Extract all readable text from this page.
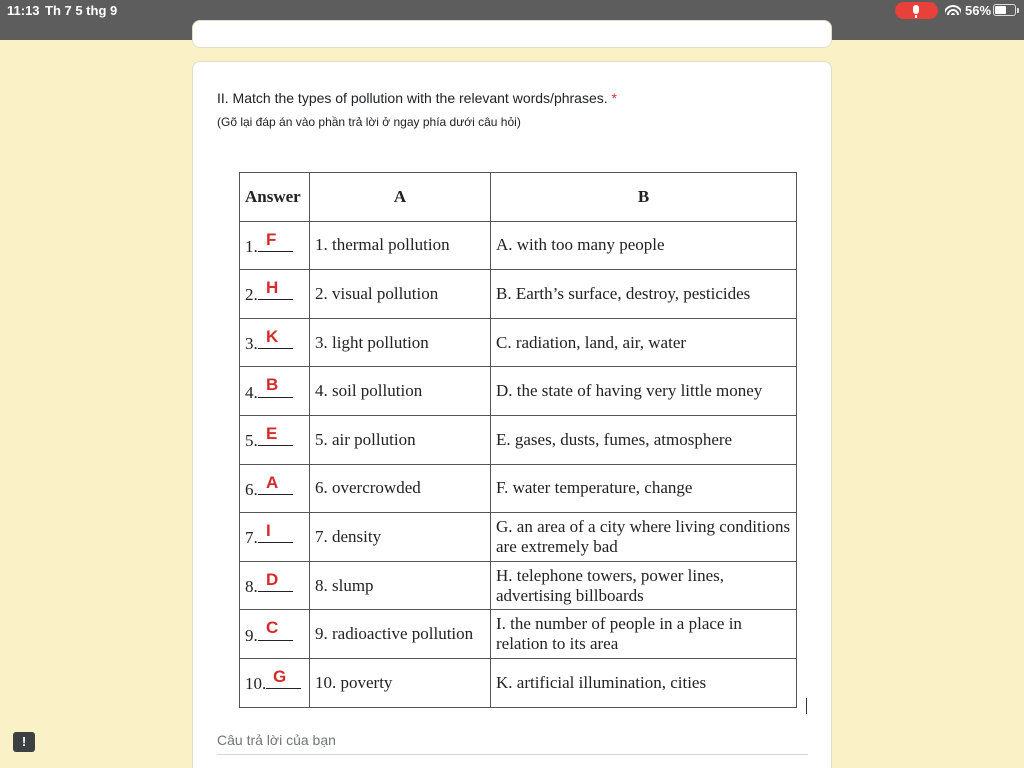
11:13 Th 7 5 thg 9	56%
II. Match the types of pollution with the relevant words/phrases. *
(Gõ lại đáp án vào phần trả lời ở ngay phía dưới câu hỏi)
Answer	A	B
1. F	1. thermal pollution	A. with too many people
2. H	2. visual pollution	B. Earth’s surface, destroy, pesticides
3. K	3. light pollution	C. radiation, land, air, water
4. B	4. soil pollution	D. the state of having very little money
5. E	5. air pollution	E. gases, dusts, fumes, atmosphere
6. A	6. overcrowded	F. water temperature, change
7. I	7. density	G. an area of a city where living conditions are extremely bad
8. D	8. slump	H. telephone towers, power lines, advertising billboards
9. C	9. radioactive pollution	I. the number of people in a place in relation to its area
10. G	10. poverty	K. artificial illumination, cities
Câu trả lời của bạn
!
